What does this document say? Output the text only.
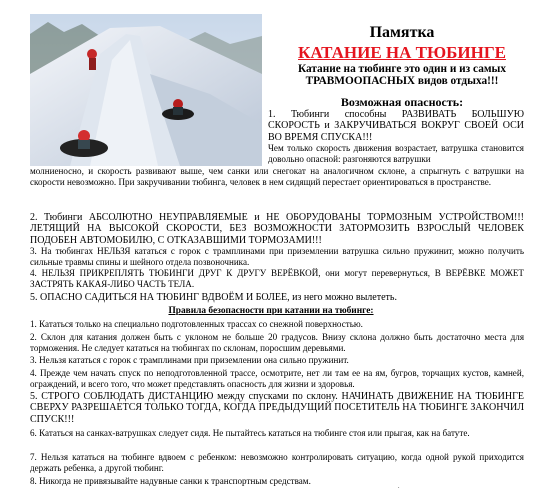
Памятка
КАТАНИЕ НА ТЮБИНГЕ
Катание на тюбинге это один и из самых ТРАВМООПАСНЫХ видов отдыха!!!
Возможная опасность:

1. Тюбинги способны РАЗВИВАТЬ БОЛЬШУЮ СКОРОСТЬ и ЗАКРУЧИВАТЬСЯ ВОКРУГ СВОЕЙ ОСИ ВО ВРЕМЯ СПУСКА!!!

Чем только скорость движения возрастает, ватрушка становится довольно опасной: разгоняются ватрушки

молниеносно, и скорость развивают выше, чем санки или снегокат на аналогичном склоне, а спрыгнуть с ватрушки на скорости невозможно. При закручивании тюбинга, человек в нем сидящий перестает ориентироваться в пространстве.

2. Тюбинги АБСОЛЮТНО НЕУПРАВЛЯЕМЫЕ и НЕ ОБОРУДОВАНЫ ТОРМОЗНЫМ УСТРОЙСТВОМ!!! ЛЕТЯЩИЙ НА ВЫСОКОЙ СКОРОСТИ, БЕЗ ВОЗМОЖНОСТИ ЗАТОРМОЗИТЬ ВЗРОСЛЫЙ ЧЕЛОВЕК ПОДОБЕН АВТОМОБИЛЮ, С ОТКАЗАВШИМИ ТОРМОЗАМИ!!!

3. На тюбингах НЕЛЬЗЯ кататься с горок с трамплинами при приземлении ватрушка сильно пружинит, можно получить сильные травмы спины и шейного отдела позвоночника.

4. НЕЛЬЗЯ ПРИКРЕПЛЯТЬ ТЮБИНГИ ДРУГ К ДРУГУ ВЕРЁВКОЙ, они могут перевернуться, В ВЕРЁВКЕ МОЖЕТ ЗАСТРЯТЬ КАКАЯ-ЛИБО ЧАСТЬ ТЕЛА.

5. ОПАСНО САДИТЬСЯ НА ТЮБИНГ ВДВОЁМ И БОЛЕЕ, из него можно вылететь.

Правила безопасности при катании на тюбинге:

1. Кататься только на специально подготовленных трассах со снежной поверхностью.

2. Склон для катания должен быть с уклоном не больше 20 градусов. Внизу склона должно быть достаточно места для торможения. Не следует кататься на тюбингах по склонам, поросшим деревьями.

3. Нельзя кататься с горок с трамплинами при приземлении она сильно пружинит.

4. Прежде чем начать спуск по неподготовленной трассе, осмотрите, нет ли там ее на ям, бугров, торчащих кустов, камней, ограждений, и всего того, что может представлять опасность для жизни и здоровья.

5. СТРОГО СОБЛЮДАТЬ ДИСТАНЦИЮ между спусками по склону. НАЧИНАТЬ ДВИЖЕНИЕ НА ТЮБИНГЕ СВЕРХУ РАЗРЕШАЕТСЯ ТОЛЬКО ТОГДА, КОГДА ПРЕДЫДУЩИЙ ПОСЕТИТЕЛЬ НА ТЮБИНГЕ ЗАКОНЧИЛ СПУСК!!!

6. Кататься на санках-ватрушках следует сидя. Не пытайтесь кататься на тюбинге стоя или прыгая, как на батуте.

7. Нельзя кататься на тюбинге вдвоем с ребенком: невозможно контролировать ситуацию, когда одной рукой приходится держать ребенка, а другой тюбинг.

8. Никогда не привязывайте надувные санки к транспортным средствам.

.
